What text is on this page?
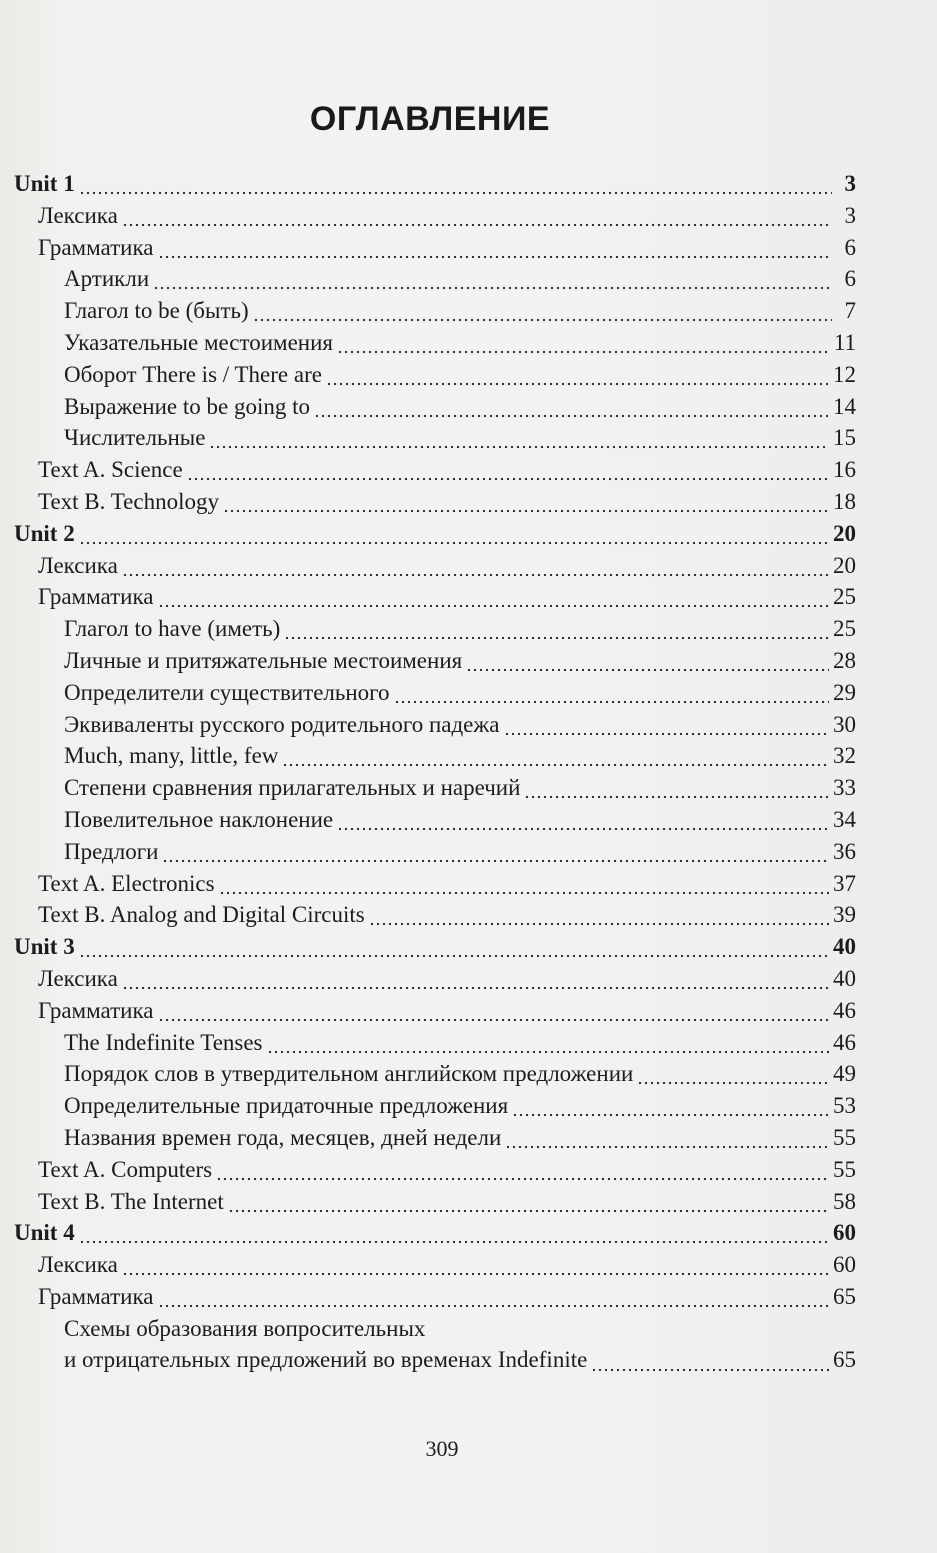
ОГЛАВЛЕНИЕ
Unit 1	3
Лексика	3
Грамматика	6
Артикли	6
Глагол to be (быть)	7
Указательные местоимения	11
Оборот There is / There are	12
Выражение to be going to	14
Числительные	15
Text A. Science	16
Text B. Technology	18
Unit 2	20
Лексика	20
Грамматика	25
Глагол to have (иметь)	25
Личные и притяжательные местоимения	28
Определители существительного	29
Эквиваленты русского родительного падежа	30
Much, many, little, few	32
Степени сравнения прилагательных и наречий	33
Повелительное наклонение	34
Предлоги	36
Text A. Electronics	37
Text B. Analog and Digital Circuits	39
Unit 3	40
Лексика	40
Грамматика	46
The Indefinite Tenses	46
Порядок слов в утвердительном английском предложении	49
Определительные придаточные предложения	53
Названия времен года, месяцев, дней недели	55
Text A. Computers	55
Text B. The Internet	58
Unit 4	60
Лексика	60
Грамматика	65
Схемы образования вопросительных
и отрицательных предложений во временах Indefinite	65
309
